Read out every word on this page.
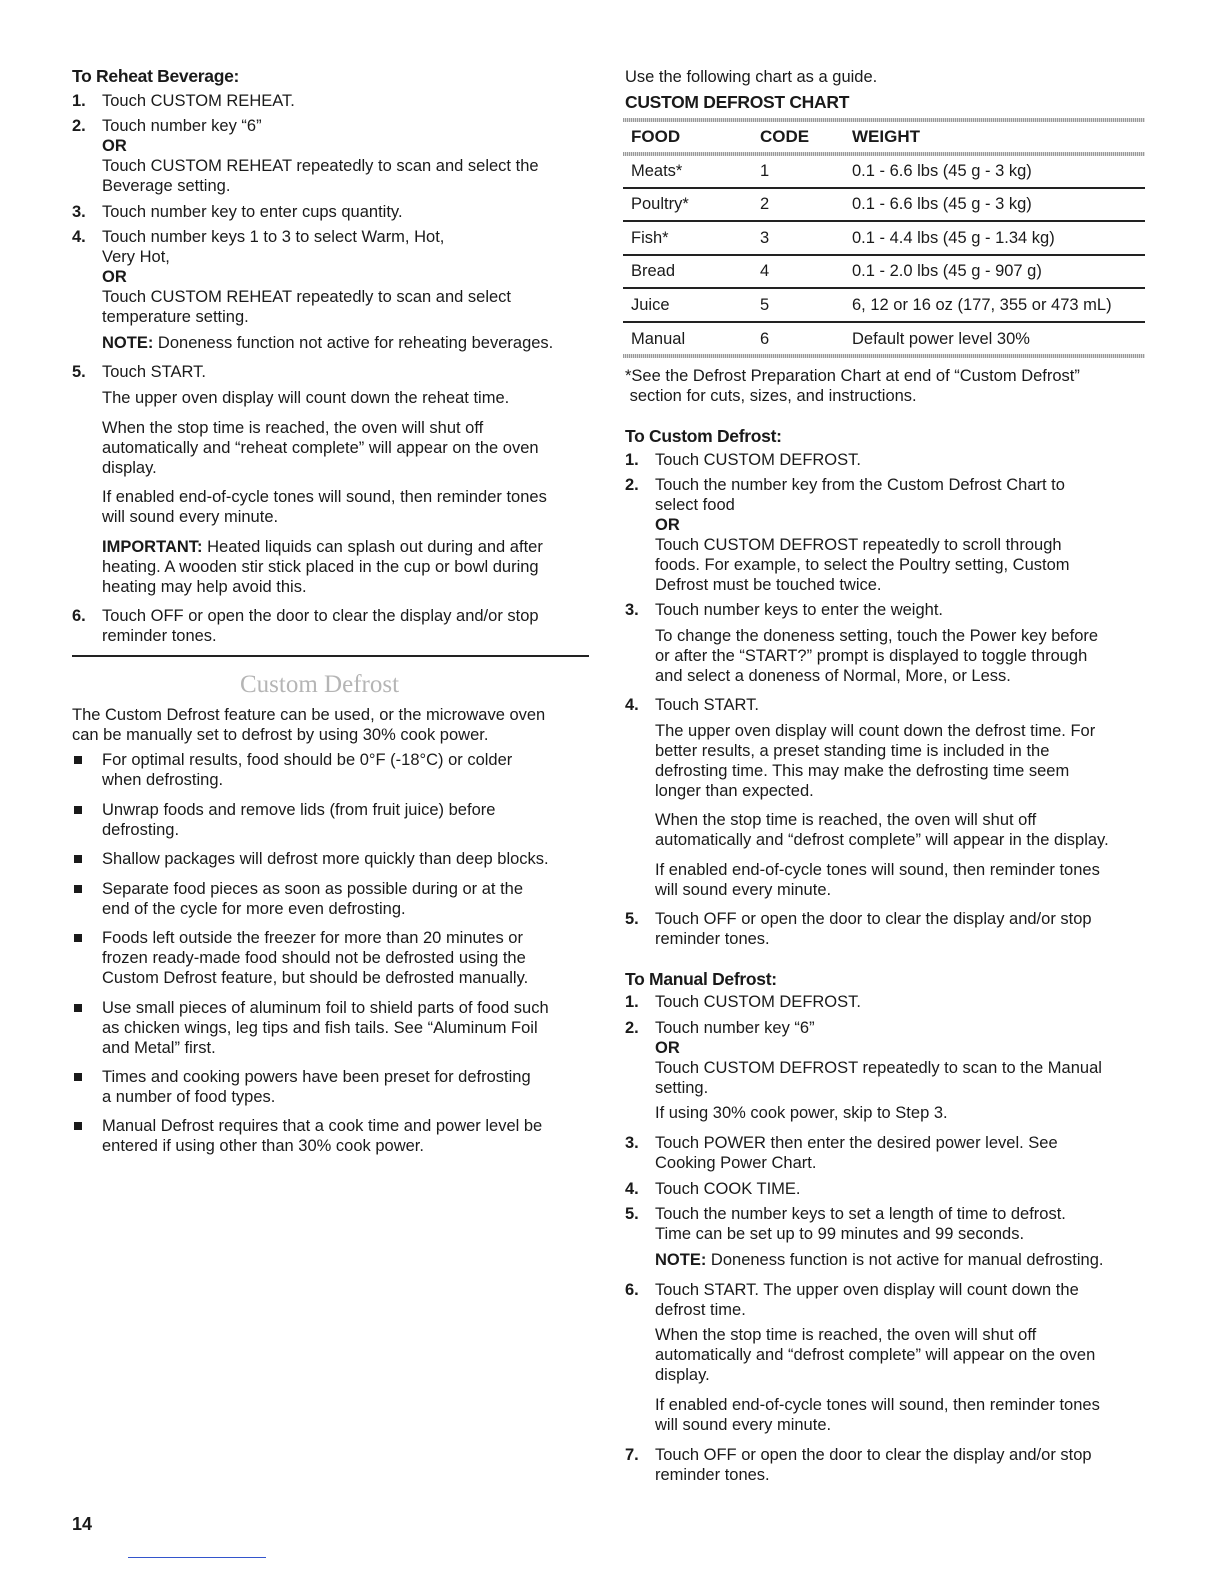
To Reheat Beverage:
1. Touch CUSTOM REHEAT.
2. Touch number key “6”
OR
Touch CUSTOM REHEAT repeatedly to scan and select the
Beverage setting.
3. Touch number key to enter cups quantity.
4. Touch number keys 1 to 3 to select Warm, Hot,
Very Hot,
OR
Touch CUSTOM REHEAT repeatedly to scan and select
temperature setting.
NOTE: Doneness function not active for reheating beverages.
5. Touch START.
The upper oven display will count down the reheat time.
When the stop time is reached, the oven will shut off
automatically and “reheat complete” will appear on the oven
display.
If enabled end-of-cycle tones will sound, then reminder tones
will sound every minute.
IMPORTANT: Heated liquids can splash out during and after
heating. A wooden stir stick placed in the cup or bowl during
heating may help avoid this.
6. Touch OFF or open the door to clear the display and/or stop
reminder tones.
Custom Defrost
The Custom Defrost feature can be used, or the microwave oven
can be manually set to defrost by using 30% cook power.
For optimal results, food should be 0°F (-18°C) or colder
when defrosting.
Unwrap foods and remove lids (from fruit juice) before
defrosting.
Shallow packages will defrost more quickly than deep blocks.
Separate food pieces as soon as possible during or at the
end of the cycle for more even defrosting.
Foods left outside the freezer for more than 20 minutes or
frozen ready-made food should not be defrosted using the
Custom Defrost feature, but should be defrosted manually.
Use small pieces of aluminum foil to shield parts of food such
as chicken wings, leg tips and fish tails. See “Aluminum Foil
and Metal” first.
Times and cooking powers have been preset for defrosting
a number of food types.
Manual Defrost requires that a cook time and power level be
entered if using other than 30% cook power.
Use the following chart as a guide.
CUSTOM DEFROST CHART
FOOD	CODE	WEIGHT
Meats*	1	0.1 - 6.6 lbs (45 g - 3 kg)
Poultry*	2	0.1 - 6.6 lbs (45 g - 3 kg)
Fish*	3	0.1 - 4.4 lbs (45 g - 1.34 kg)
Bread	4	0.1 - 2.0 lbs (45 g - 907 g)
Juice	5	6, 12 or 16 oz (177, 355 or 473 mL)
Manual	6	Default power level 30%
*See the Defrost Preparation Chart at end of “Custom Defrost”
section for cuts, sizes, and instructions.
To Custom Defrost:
1. Touch CUSTOM DEFROST.
2. Touch the number key from the Custom Defrost Chart to
select food
OR
Touch CUSTOM DEFROST repeatedly to scroll through
foods. For example, to select the Poultry setting, Custom
Defrost must be touched twice.
3. Touch number keys to enter the weight.
To change the doneness setting, touch the Power key before
or after the “START?” prompt is displayed to toggle through
and select a doneness of Normal, More, or Less.
4. Touch START.
The upper oven display will count down the defrost time. For
better results, a preset standing time is included in the
defrosting time. This may make the defrosting time seem
longer than expected.
When the stop time is reached, the oven will shut off
automatically and “defrost complete” will appear in the display.
If enabled end-of-cycle tones will sound, then reminder tones
will sound every minute.
5. Touch OFF or open the door to clear the display and/or stop
reminder tones.
To Manual Defrost:
1. Touch CUSTOM DEFROST.
2. Touch number key “6”
OR
Touch CUSTOM DEFROST repeatedly to scan to the Manual
setting.
If using 30% cook power, skip to Step 3.
3. Touch POWER then enter the desired power level. See
Cooking Power Chart.
4. Touch COOK TIME.
5. Touch the number keys to set a length of time to defrost.
Time can be set up to 99 minutes and 99 seconds.
NOTE: Doneness function is not active for manual defrosting.
6. Touch START. The upper oven display will count down the
defrost time.
When the stop time is reached, the oven will shut off
automatically and “defrost complete” will appear on the oven
display.
If enabled end-of-cycle tones will sound, then reminder tones
will sound every minute.
7. Touch OFF or open the door to clear the display and/or stop
reminder tones.
14
